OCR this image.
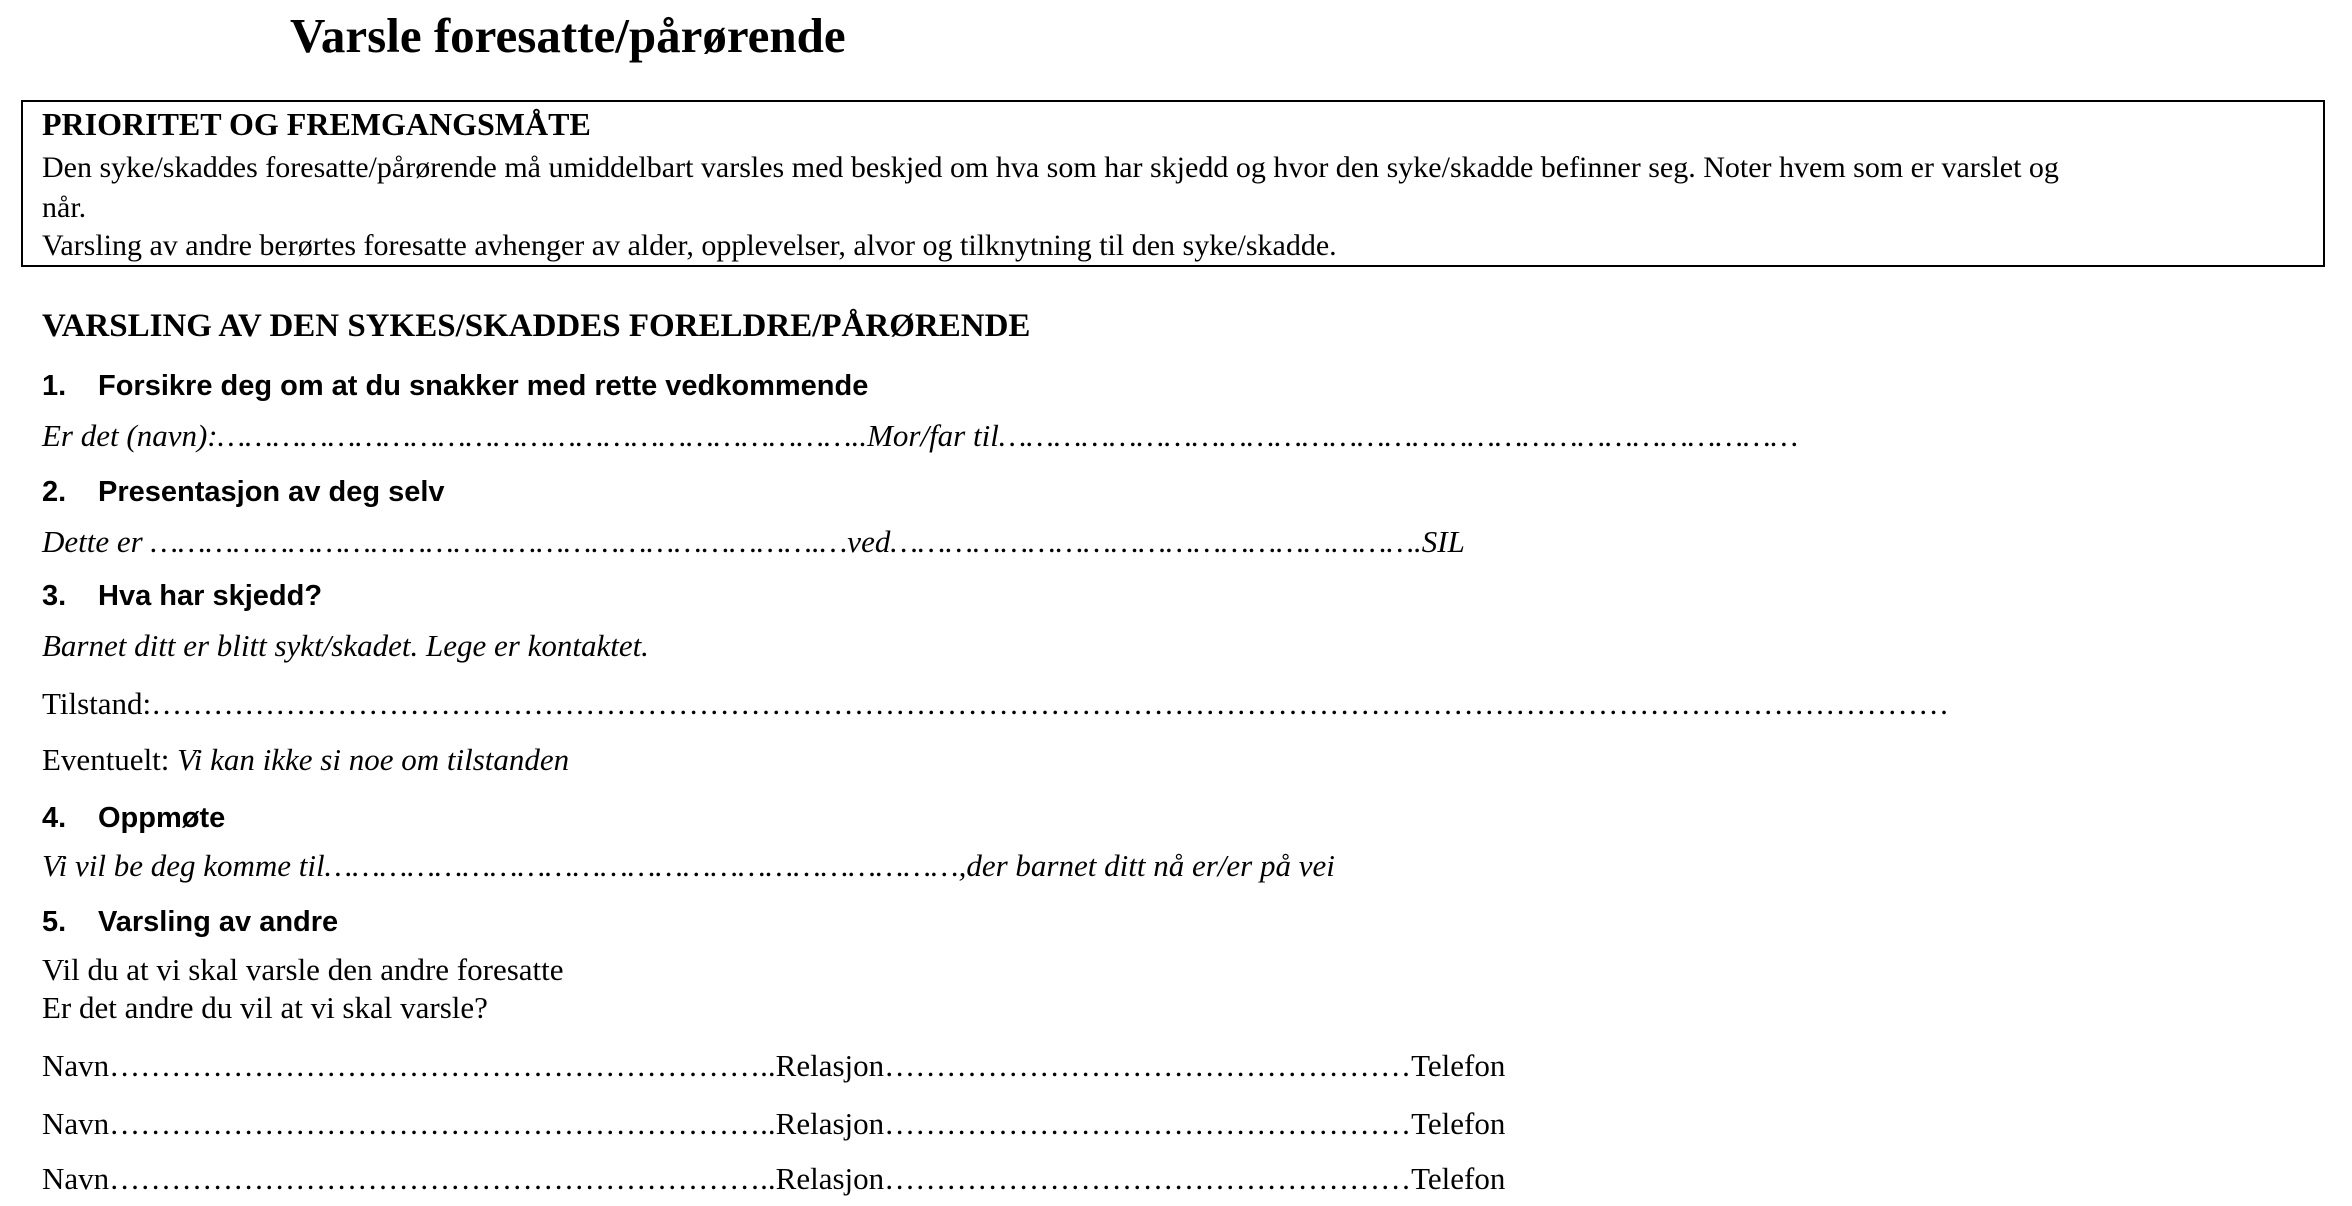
Varsle foresatte/pårørende
PRIORITET OG FREMGANGSMÅTE
Den syke/skaddes foresatte/pårørende må umiddelbart varsles med beskjed om hva som har skjedd og hvor den syke/skadde befinner seg. Noter hvem som er varslet og
når.
Varsling av andre berørtes foresatte avhenger av alder, opplevelser, alvor og tilknytning til den syke/skadde.
VARSLING AV DEN SYKES/SKADDES FORELDRE/PÅRØRENDE
1. Forsikre deg om at du snakker med rette vedkommende
Er det (navn):……………………………………………………………..Mor/far til……………………………………………………………………………
2. Presentasjon av deg selv
Dette er ……………………………………………………………….…ved………………………………………………….SIL
3. Hva har skjedd?
Barnet ditt er blitt sykt/skadet. Lege er kontaktet.
Tilstand:…………………………………………………………………………………………………………………………………………………………
Eventuelt: Vi kan ikke si noe om tilstanden
4. Oppmøte
Vi vil be deg komme til……………………………………………………………,der barnet ditt nå er/er på vei
5. Varsling av andre
Vil du at vi skal varsle den andre foresatte
Er det andre du vil at vi skal varsle?
Navn………………………………………………………..Relasjon……………………………………………Telefon
Navn………………………………………………………..Relasjon……………………………………………Telefon
Navn………………………………………………………..Relasjon……………………………………………Telefon
